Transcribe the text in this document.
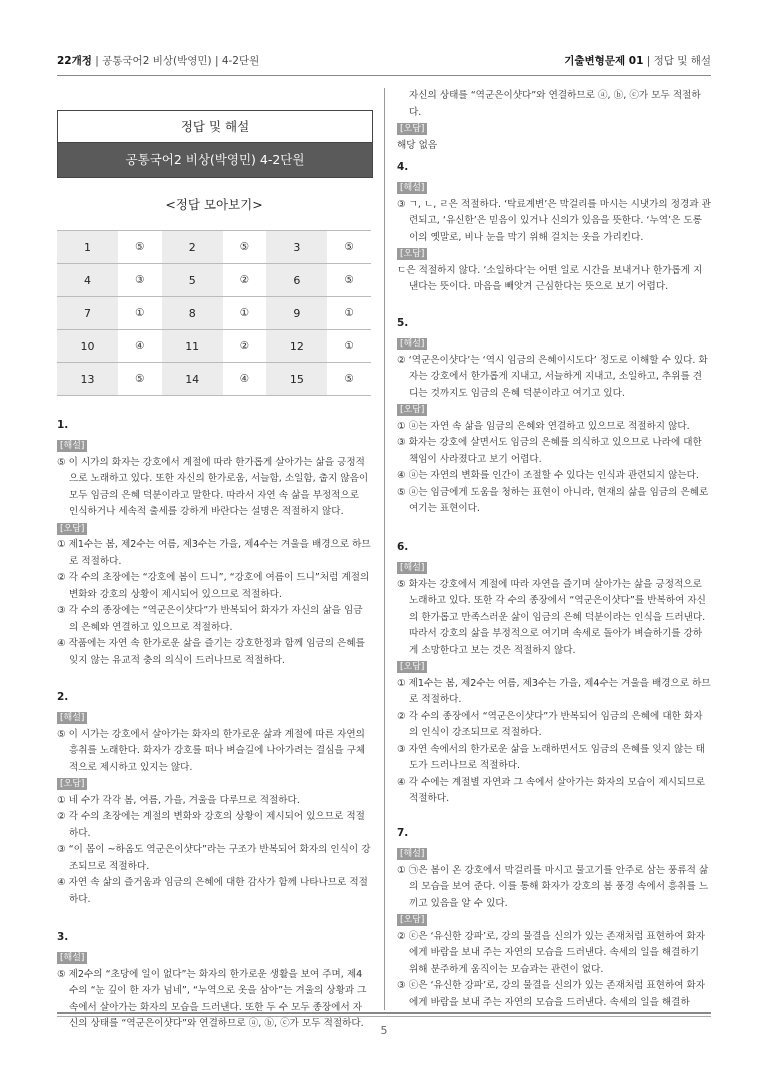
22개정 | 공통국어2 비상(박영민) | 4-2단원	기출변형문제 01 | 정답 및 해설
정답 및 해설
공통국어2 비상(박영민) 4-2단원
<정답 모아보기>
1	⑤	2	⑤	3	⑤
4	③	5	②	6	⑤
7	①	8	①	9	①
10	④	11	②	12	①
13	⑤	14	④	15	⑤
1.
[해설]

⑤ 이 시가의 화자는 강호에서 계절에 따라 한가롭게 살아가는 삶을 긍정적으로 노래하고 있다. 또한 자신의 한가로움, 서늘함, 소일함, 춥지 않음이 모두 임금의 은혜 덕분이라고 말한다. 따라서 자연 속 삶을 부정적으로 인식하거나 세속적 출세를 강하게 바란다는 설명은 적절하지 않다.

[오답]

① 제1수는 봄, 제2수는 여름, 제3수는 가을, 제4수는 겨울을 배경으로 하므로 적절하다.

② 각 수의 초장에는 “강호에 봄이 드니”, “강호에 여름이 드니”처럼 계절의 변화와 강호의 상황이 제시되어 있으므로 적절하다.

③ 각 수의 종장에는 “역군은이샷다”가 반복되어 화자가 자신의 삶을 임금의 은혜와 연결하고 있으므로 적절하다.

④ 작품에는 자연 속 한가로운 삶을 즐기는 강호한정과 함께 임금의 은혜를 잊지 않는 유교적 충의 의식이 드러나므로 적절하다.

2.
[해설]

⑤ 이 시가는 강호에서 살아가는 화자의 한가로운 삶과 계절에 따른 자연의 흥취를 노래한다. 화자가 강호를 떠나 벼슬길에 나아가려는 결심을 구체적으로 제시하고 있지는 않다.

[오답]

① 네 수가 각각 봄, 여름, 가을, 겨울을 다루므로 적절하다.

② 각 수의 초장에는 계절의 변화와 강호의 상황이 제시되어 있으므로 적절하다.

③ “이 몸이 ~하옴도 역군은이샷다”라는 구조가 반복되어 화자의 인식이 강조되므로 적절하다.

④ 자연 속 삶의 즐거움과 임금의 은혜에 대한 감사가 함께 나타나므로 적절하다.

3.
[해설]

⑤ 제2수의 “초당에 일이 없다”는 화자의 한가로운 생활을 보여 주며, 제4수의 “눈 깊이 한 자가 넘네”, “누역으로 옷을 삼아”는 겨울의 상황과 그 속에서 살아가는 화자의 모습을 드러낸다. 또한 두 수 모두 종장에서 자신의 상태를 “역군은이샷다”와 연결하므로 ⓐ, ⓑ, ⓒ가 모두 적절하다.

자신의 상태를 “역군은이샷다”와 연결하므로 ⓐ, ⓑ, ⓒ가 모두 적절하다.

[오답]

해당 없음

4.
[해설]

③ ㄱ, ㄴ, ㄹ은 적절하다. ‘탁료계변’은 막걸리를 마시는 시냇가의 정경과 관련되고, ‘유신한’은 믿음이 있거나 신의가 있음을 뜻한다. ‘누역’은 도롱이의 옛말로, 비나 눈을 막기 위해 걸치는 옷을 가리킨다.

[오답]

ㄷ은 적절하지 않다. ‘소일하다’는 어떤 일로 시간을 보내거나 한가롭게 지낸다는 뜻이다. 마음을 빼앗겨 근심한다는 뜻으로 보기 어렵다.

5.
[해설]

② ‘역군은이샷다’는 ‘역시 임금의 은혜이시도다’ 정도로 이해할 수 있다. 화자는 강호에서 한가롭게 지내고, 서늘하게 지내고, 소일하고, 추위를 견디는 것까지도 임금의 은혜 덕분이라고 여기고 있다.

[오답]

① ⓐ는 자연 속 삶을 임금의 은혜와 연결하고 있으므로 적절하지 않다.

③ 화자는 강호에 살면서도 임금의 은혜를 의식하고 있으므로 나라에 대한 책임이 사라졌다고 보기 어렵다.

④ ⓐ는 자연의 변화를 인간이 조절할 수 있다는 인식과 관련되지 않는다.

⑤ ⓐ는 임금에게 도움을 청하는 표현이 아니라, 현재의 삶을 임금의 은혜로 여기는 표현이다.

6.
[해설]

⑤ 화자는 강호에서 계절에 따라 자연을 즐기며 살아가는 삶을 긍정적으로 노래하고 있다. 또한 각 수의 종장에서 “역군은이샷다”를 반복하여 자신의 한가롭고 만족스러운 삶이 임금의 은혜 덕분이라는 인식을 드러낸다. 따라서 강호의 삶을 부정적으로 여기며 속세로 돌아가 벼슬하기를 강하게 소망한다고 보는 것은 적절하지 않다.

[오답]

① 제1수는 봄, 제2수는 여름, 제3수는 가을, 제4수는 겨울을 배경으로 하므로 적절하다.

② 각 수의 종장에서 “역군은이샷다”가 반복되어 임금의 은혜에 대한 화자의 인식이 강조되므로 적절하다.

③ 자연 속에서의 한가로운 삶을 노래하면서도 임금의 은혜를 잊지 않는 태도가 드러나므로 적절하다.

④ 각 수에는 계절별 자연과 그 속에서 살아가는 화자의 모습이 제시되므로 적절하다.

7.
[해설]

① ㉠은 봄이 온 강호에서 막걸리를 마시고 물고기를 안주로 삼는 풍류적 삶의 모습을 보여 준다. 이를 통해 화자가 강호의 봄 풍경 속에서 흥취를 느끼고 있음을 알 수 있다.

[오답]

② ⓒ은 ‘유신한 강파’로, 강의 물결을 신의가 있는 존재처럼 표현하여 화자에게 바람을 보내 주는 자연의 모습을 드러낸다. 속세의 일을 해결하기 위해 분주하게 움직이는 모습과는 관련이 없다.

③ ⓒ은 ‘유신한 강파’로, 강의 물결을 신의가 있는 존재처럼 표현하여 화자에게 바람을 보내 주는 자연의 모습을 드러낸다. 속세의 일을 해결하

5
